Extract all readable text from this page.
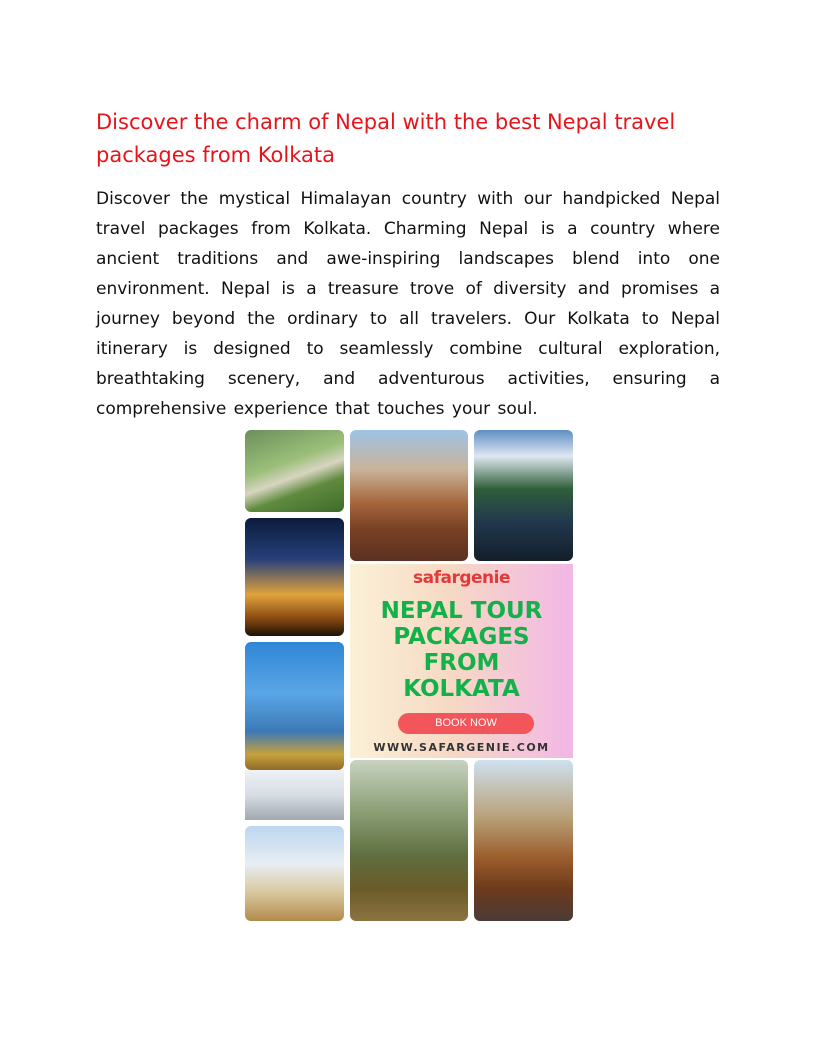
Discover the charm of Nepal with the best Nepal travel packages from Kolkata

Discover the mystical Himalayan country with our handpicked Nepal travel packages from Kolkata. Charming Nepal is a country where ancient traditions and awe-inspiring landscapes blend into one environment. Nepal is a treasure trove of diversity and promises a journey beyond the ordinary to all travelers. Our Kolkata to Nepal itinerary is designed to seamlessly combine cultural exploration, breathtaking scenery, and adventurous activities, ensuring a comprehensive experience that touches your soul.

safargenie

NEPAL TOUR
PACKAGES
FROM
KOLKATA

BOOK NOW

WWW.SAFARGENIE.COM
